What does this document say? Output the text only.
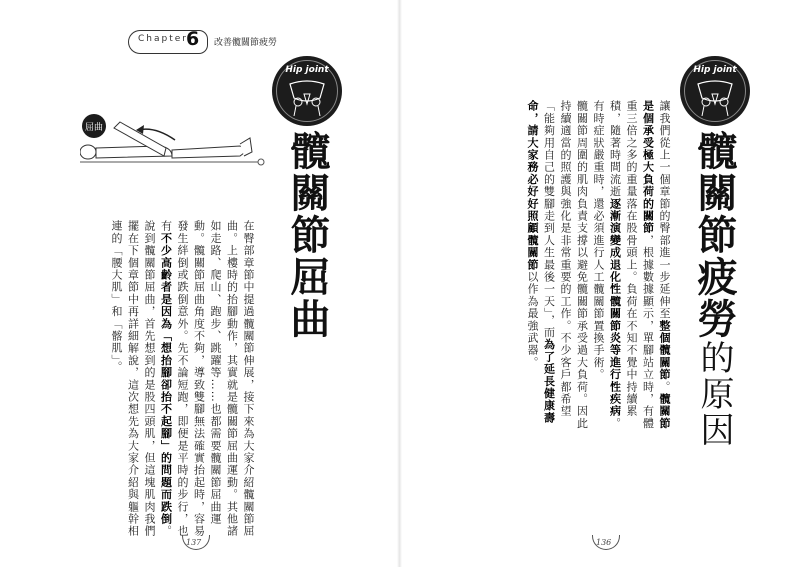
Chapter
6 改善髖關節疲勞
屈曲
髖關節屈曲
Hip joint
在臀部章節中提過髖關節伸展，接下來為大家介紹髖關節屈曲。上樓時的抬腳動作，其實就是髖關節屈曲運動。其他諸如走路、爬山、跑步、跳躍等……也都需要髖關節屈曲運動。髖關節屈曲角度不夠，導致雙腳無法確實抬起時，容易發生絆倒或跌倒意外。先不論短跑，即便是平時的步行，也有不少高齡者是因為「想抬腳卻抬不起腳」的問題而跌倒。說到髖關節屈曲，首先想到的是股四頭肌，但這塊肌肉我們擺在下個章節中再詳細解說，這次想先為大家介紹與軀幹相連的「腰大肌」和「髂肌」。
137
Hip joint
髖關節疲勞的原因

讓我們從上一個章節的臀部進一步延伸至整個髖關節。髖關節是個承受極大負荷的關節，根據數據顯示，單腳站立時，有體重三倍之多的重量落在股骨頭上。負荷在不知不覺中持續累積，隨著時間流逝逐漸演變成退化性髖關節炎等進行性疾病。有時症狀嚴重時，還必須進行人工髖關節置換手術。

髖關節周圍的肌肉負責支撐以避免髖關節承受過大負荷。因此持續適當的照護與強化是非常重要的工作。不少客戶都希望「能夠用自己的雙腳走到人生最後一天」，而為了延長健康壽命，請大家務必好好照顧髖關節以作為最強武器。

136
